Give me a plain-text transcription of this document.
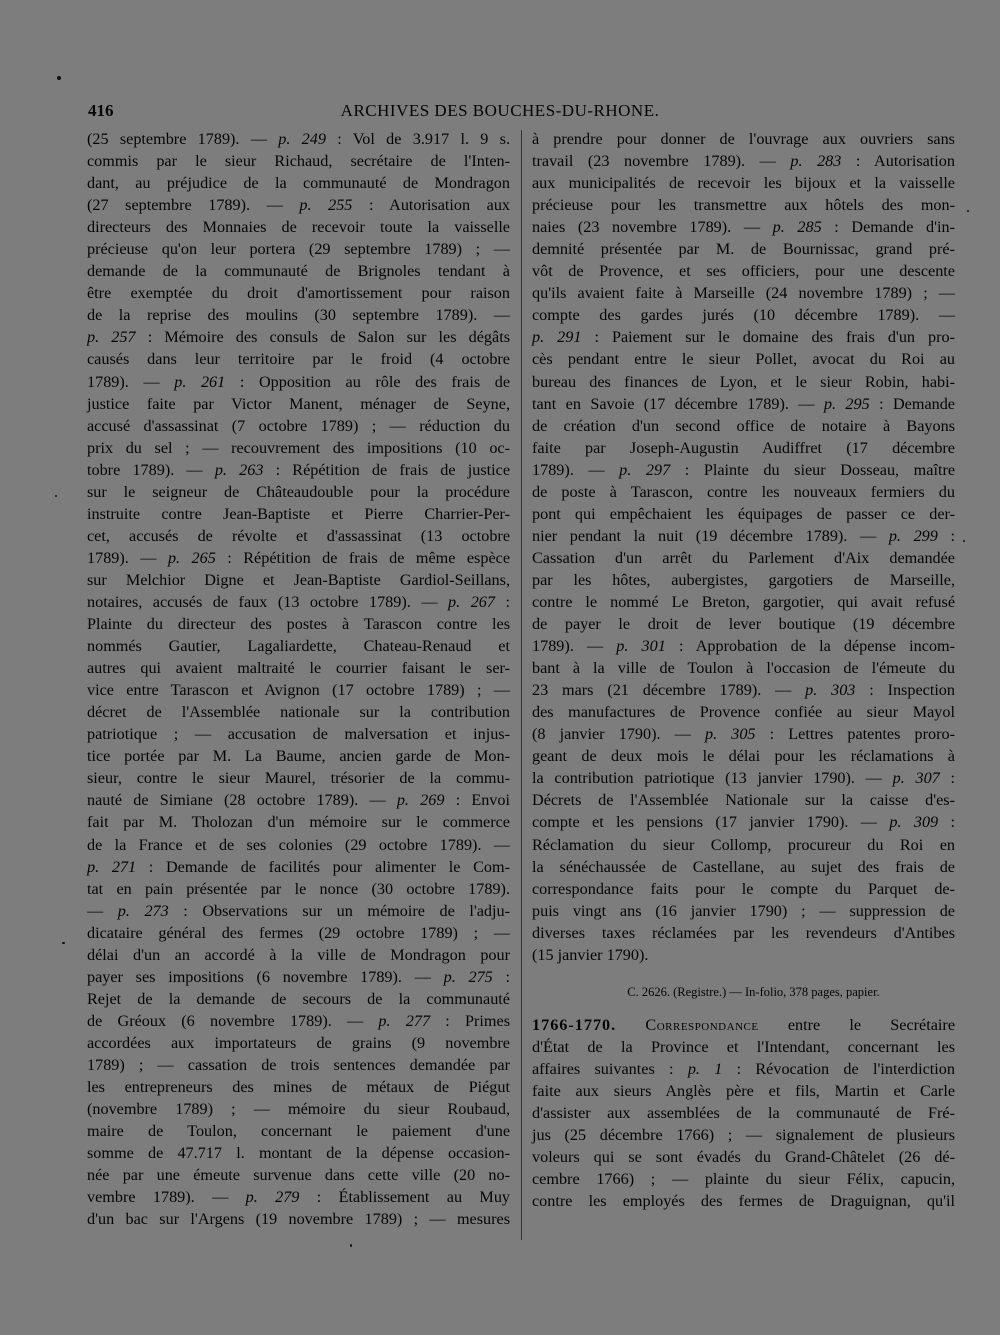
416	ARCHIVES DES BOUCHES-DU-RHONE.
(25 septembre 1789). — p. 249 : Vol de 3.917 l. 9 s.
commis par le sieur Richaud, secrétaire de l'Inten-
dant, au préjudice de la communauté de Mondragon
(27 septembre 1789). — p. 255 : Autorisation aux
directeurs des Monnaies de recevoir toute la vaisselle
précieuse qu'on leur portera (29 septembre 1789) ; —
demande de la communauté de Brignoles tendant à
être exemptée du droit d'amortissement pour raison
de la reprise des moulins (30 septembre 1789). —
p. 257 : Mémoire des consuls de Salon sur les dégâts
causés dans leur territoire par le froid (4 octobre
1789). — p. 261 : Opposition au rôle des frais de
justice faite par Victor Manent, ménager de Seyne,
accusé d'assassinat (7 octobre 1789) ; — réduction du
prix du sel ; — recouvrement des impositions (10 oc-
tobre 1789). — p. 263 : Répétition de frais de justice
sur le seigneur de Châteaudouble pour la procédure
instruite contre Jean-Baptiste et Pierre Charrier-Per-
cet, accusés de révolte et d'assassinat (13 octobre
1789). — p. 265 : Répétition de frais de même espèce
sur Melchior Digne et Jean-Baptiste Gardiol-Seillans,
notaires, accusés de faux (13 octobre 1789). — p. 267 :
Plainte du directeur des postes à Tarascon contre les
nommés Gautier, Lagaliardette, Chateau-Renaud et
autres qui avaient maltraité le courrier faisant le ser-
vice entre Tarascon et Avignon (17 octobre 1789) ; —
décret de l'Assemblée nationale sur la contribution
patriotique ; — accusation de malversation et injus-
tice portée par M. La Baume, ancien garde de Mon-
sieur, contre le sieur Maurel, trésorier de la commu-
nauté de Simiane (28 octobre 1789). — p. 269 : Envoi
fait par M. Tholozan d'un mémoire sur le commerce
de la France et de ses colonies (29 octobre 1789). —
p. 271 : Demande de facilités pour alimenter le Com-
tat en pain présentée par le nonce (30 octobre 1789).
— p. 273 : Observations sur un mémoire de l'adju-
dicataire général des fermes (29 octobre 1789) ; —
délai d'un an accordé à la ville de Mondragon pour
payer ses impositions (6 novembre 1789). — p. 275 :
Rejet de la demande de secours de la communauté
de Gréoux (6 novembre 1789). — p. 277 : Primes
accordées aux importateurs de grains (9 novembre
1789) ; — cassation de trois sentences demandée par
les entrepreneurs des mines de métaux de Piégut
(novembre 1789) ; — mémoire du sieur Roubaud,
maire de Toulon, concernant le paiement d'une
somme de 47.717 l. montant de la dépense occasion-
née par une émeute survenue dans cette ville (20 no-
vembre 1789). — p. 279 : Établissement au Muy
d'un bac sur l'Argens (19 novembre 1789) ; — mesures
à prendre pour donner de l'ouvrage aux ouvriers sans
travail (23 novembre 1789). — p. 283 : Autorisation
aux municipalités de recevoir les bijoux et la vaisselle
précieuse pour les transmettre aux hôtels des mon-
naies (23 novembre 1789). — p. 285 : Demande d'in-
demnité présentée par M. de Bournissac, grand pré-
vôt de Provence, et ses officiers, pour une descente
qu'ils avaient faite à Marseille (24 novembre 1789) ; —
compte des gardes jurés (10 décembre 1789). —
p. 291 : Paiement sur le domaine des frais d'un pro-
cès pendant entre le sieur Pollet, avocat du Roi au
bureau des finances de Lyon, et le sieur Robin, habi-
tant en Savoie (17 décembre 1789). — p. 295 : Demande
de création d'un second office de notaire à Bayons
faite par Joseph-Augustin Audiffret (17 décembre
1789). — p. 297 : Plainte du sieur Dosseau, maître
de poste à Tarascon, contre les nouveaux fermiers du
pont qui empêchaient les équipages de passer ce der-
nier pendant la nuit (19 décembre 1789). — p. 299 :
Cassation d'un arrêt du Parlement d'Aix demandée
par les hôtes, aubergistes, gargotiers de Marseille,
contre le nommé Le Breton, gargotier, qui avait refusé
de payer le droit de lever boutique (19 décembre
1789). — p. 301 : Approbation de la dépense incom-
bant à la ville de Toulon à l'occasion de l'émeute du
23 mars (21 décembre 1789). — p. 303 : Inspection
des manufactures de Provence confiée au sieur Mayol
(8 janvier 1790). — p. 305 : Lettres patentes proro-
geant de deux mois le délai pour les réclamations à
la contribution patriotique (13 janvier 1790). — p. 307 :
Décrets de l'Assemblée Nationale sur la caisse d'es-
compte et les pensions (17 janvier 1790). — p. 309 :
Réclamation du sieur Collomp, procureur du Roi en
la sénéchaussée de Castellane, au sujet des frais de
correspondance faits pour le compte du Parquet de-
puis vingt ans (16 janvier 1790) ; — suppression de
diverses taxes réclamées par les revendeurs d'Antibes
(15 janvier 1790).
C. 2626. (Registre.) — In-folio, 378 pages, papier.
1766-1770. Correspondance entre le Secrétaire
d'État de la Province et l'Intendant, concernant les
affaires suivantes : p. 1 : Révocation de l'interdiction
faite aux sieurs Anglès père et fils, Martin et Carle
d'assister aux assemblées de la communauté de Fré-
jus (25 décembre 1766) ; — signalement de plusieurs
voleurs qui se sont évadés du Grand-Châtelet (26 dé-
cembre 1766) ; — plainte du sieur Félix, capucin,
contre les employés des fermes de Draguignan, qu'il
